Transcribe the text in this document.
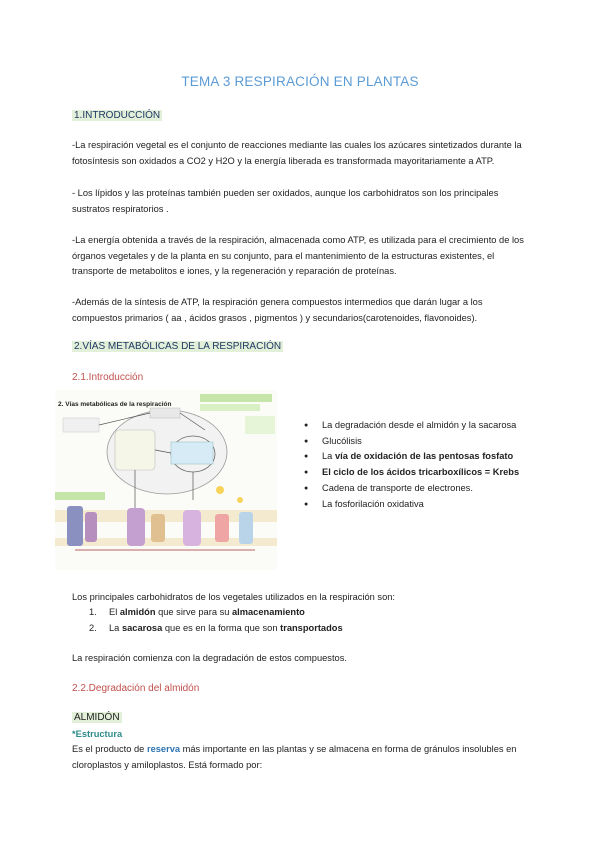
TEMA 3 RESPIRACIÓN EN PLANTAS
1.INTRODUCCIÓN

-La respiración vegetal es el conjunto de reacciones mediante las cuales los azúcares sintetizados durante la fotosíntesis son oxidados a CO2 y H2O y la energía liberada es transformada mayoritariamente a ATP.

- Los lípidos y las proteínas también pueden ser oxidados, aunque los carbohidratos son los principales sustratos respiratorios .

-La energía obtenida a través de la respiración, almacenada como ATP, es utilizada para el crecimiento de los órganos vegetales y de la planta en su conjunto, para el mantenimiento de la estructuras existentes, el transporte de metabolitos e iones, y la regeneración y reparación de proteínas.

-Además de la síntesis de ATP, la respiración genera compuestos intermedios que darán lugar a los compuestos primarios ( aa , ácidos grasos , pigmentos ) y secundarios(carotenoides, flavonoides).

2.VÍAS METABÓLICAS DE LA RESPIRACIÓN
2.1.Introducción
2. Vías metabólicas de la respiración
● La degradación desde el almidón y la sacarosa
● Glucólisis
● La vía de oxidación de las pentosas fosfato
● El ciclo de los ácidos tricarboxílicos = Krebs
● Cadena de transporte de electrones.
● La fosforilación oxidativa

Los principales carbohidratos de los vegetales utilizados en la respiración son:

1. El almidón que sirve para su almacenamiento
2. La sacarosa que es en la forma que son transportados

La respiración comienza con la degradación de estos compuestos.

2.2.Degradación del almidón
ALMIDÓN
*Estructura

Es el producto de reserva más importante en las plantas y se almacena en forma de gránulos insolubles en cloroplastos y amiloplastos. Está formado por:
